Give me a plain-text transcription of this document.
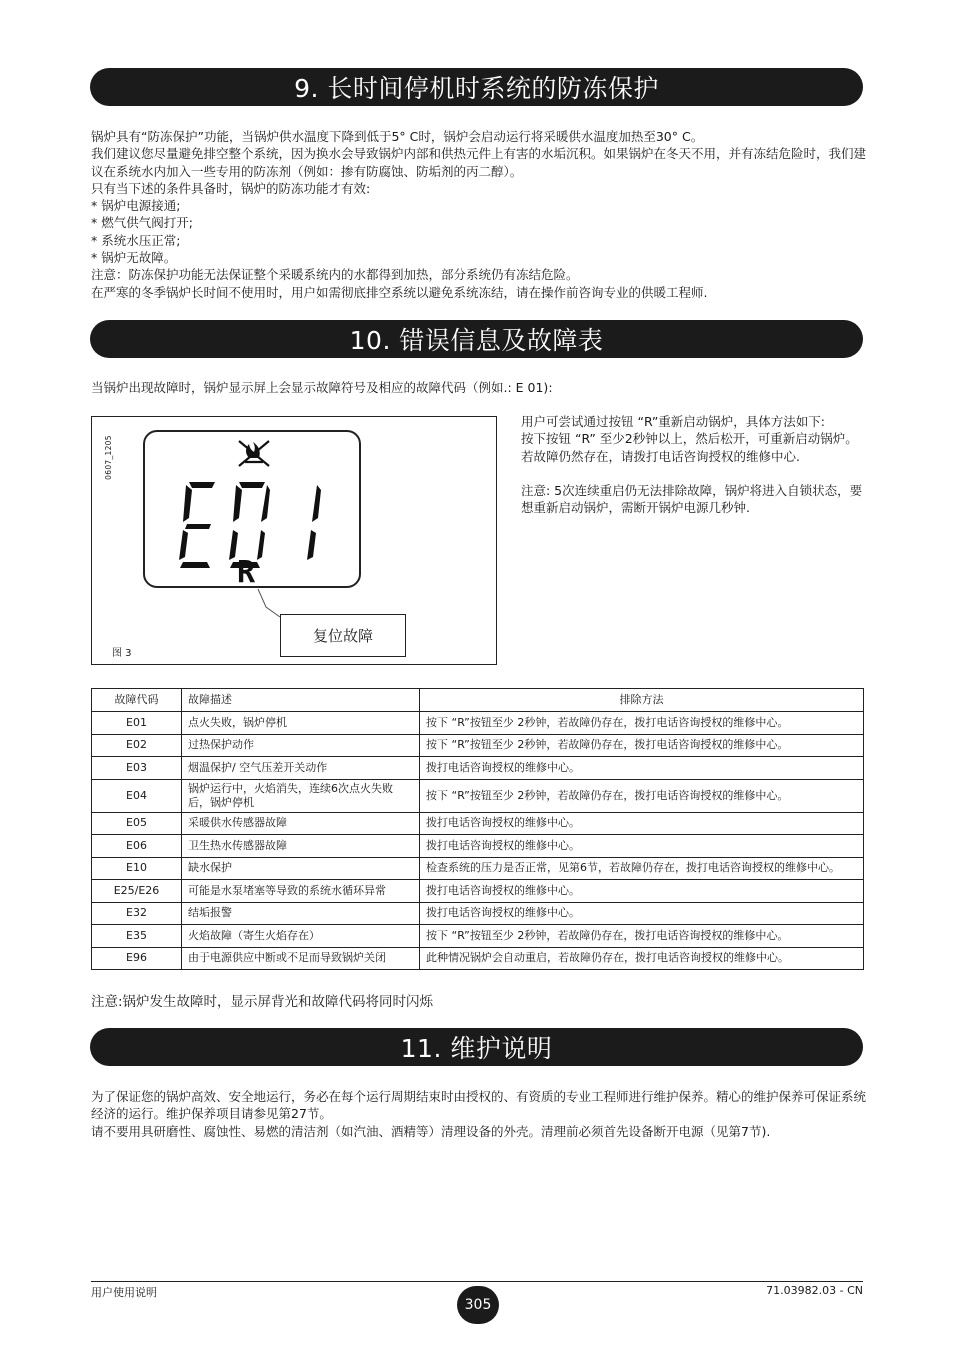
9. 长时间停机时系统的防冻保护

锅炉具有“防冻保护”功能，当锅炉供水温度下降到低于5° C时，锅炉会启动运行将采暖供水温度加热至30° C。

我们建议您尽量避免排空整个系统，因为换水会导致锅炉内部和供热元件上有害的水垢沉积。如果锅炉在冬天不用，并有冻结危险时，我们建议在系统水内加入一些专用的防冻剂（例如：掺有防腐蚀、防垢剂的丙二醇）。

只有当下述的条件具备时，锅炉的防冻功能才有效:

* 锅炉电源接通;

* 燃气供气阀打开;

* 系统水压正常;

* 锅炉无故障。

注意：防冻保护功能无法保证整个采暖系统内的水都得到加热，部分系统仍有冻结危险。

在严寒的冬季锅炉长时间不使用时，用户如需彻底排空系统以避免系统冻结，请在操作前咨询专业的供暖工程师.

10. 错误信息及故障表
当锅炉出现故障时，锅炉显示屏上会显示故障符号及相应的故障代码（例如.: E 01):
0607_1205
R
复位故障
图 3

用户可尝试通过按钮 “R”重新启动锅炉，具体方法如下:

按下按钮 “R” 至少2秒钟以上，然后松开，可重新启动锅炉。

若故障仍然存在，请拨打电话咨询授权的维修中心.

注意: 5次连续重启仍无法排除故障，锅炉将进入自锁状态，要想重新启动锅炉，需断开锅炉电源几秒钟.

故障代码	故障描述	排除方法
E01	点火失败，锅炉停机	按下 “R”按钮至少 2秒钟，若故障仍存在，拨打电话咨询授权的维修中心。
E02	过热保护动作	按下 “R”按钮至少 2秒钟，若故障仍存在，拨打电话咨询授权的维修中心。
E03	烟温保护/ 空气压差开关动作	拨打电话咨询授权的维修中心。
E04	锅炉运行中，火焰消失，连续6次点火失败后，锅炉停机	按下 “R”按钮至少 2秒钟，若故障仍存在，拨打电话咨询授权的维修中心。
E05	采暖供水传感器故障	拨打电话咨询授权的维修中心。
E06	卫生热水传感器故障	拨打电话咨询授权的维修中心。
E10	缺水保护	检查系统的压力是否正常，见第6节，若故障仍存在，拨打电话咨询授权的维修中心。
E25/E26	可能是水泵堵塞等导致的系统水循环异常	拨打电话咨询授权的维修中心。
E32	结垢报警	拨打电话咨询授权的维修中心。
E35	火焰故障（寄生火焰存在）	按下 “R”按钮至少 2秒钟，若故障仍存在，拨打电话咨询授权的维修中心。
E96	由于电源供应中断或不足而导致锅炉关闭	此种情况锅炉会自动重启，若故障仍存在，拨打电话咨询授权的维修中心。
注意:锅炉发生故障时，显示屏背光和故障代码将同时闪烁
11. 维护说明

为了保证您的锅炉高效、安全地运行，务必在每个运行周期结束时由授权的、有资质的专业工程师进行维护保养。精心的维护保养可保证系统经济的运行。维护保养项目请参见第27节。

请不要用具研磨性、腐蚀性、易燃的清洁剂（如汽油、酒精等）清理设备的外壳。清理前必须首先设备断开电源（见第7节).

用户使用说明
305
71.03982.03 - CN
